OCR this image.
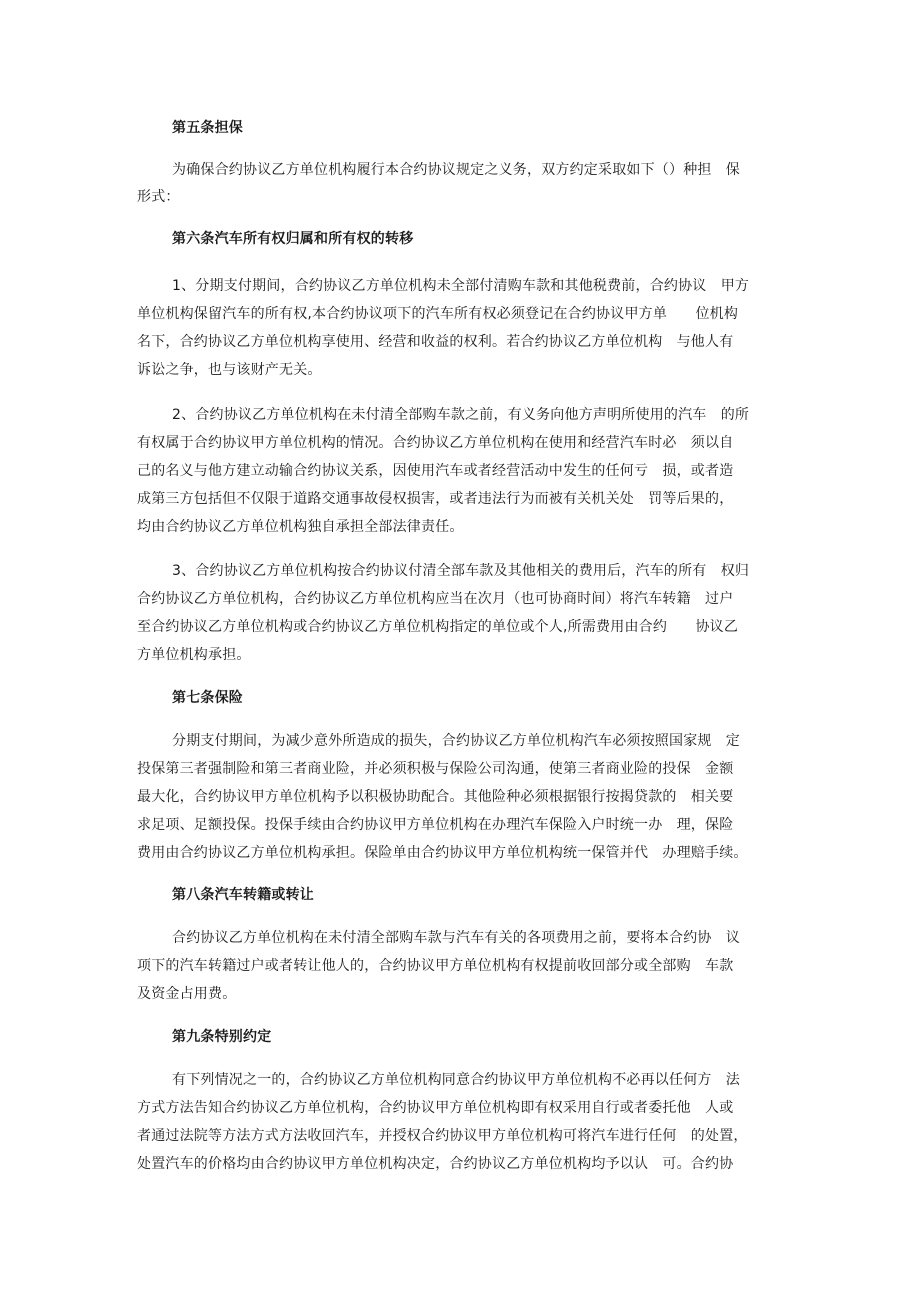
第五条担保
为确保合约协议乙方单位机构履行本合约协议规定之义务，双方约定采取如下（）种担　保
形式：
第六条汽车所有权归属和所有权的转移
1、分期支付期间，合约协议乙方单位机构未全部付清购车款和其他税费前，合约协议　甲方
单位机构保留汽车的所有权,本合约协议项下的汽车所有权必须登记在合约协议甲方单　　位机构
名下，合约协议乙方单位机构享使用、经营和收益的权利。若合约协议乙方单位机构　与他人有
诉讼之争，也与该财产无关。
2、合约协议乙方单位机构在未付清全部购车款之前，有义务向他方声明所使用的汽车　的所
有权属于合约协议甲方单位机构的情况。合约协议乙方单位机构在使用和经营汽车时必　须以自
己的名义与他方建立动输合约协议关系，因使用汽车或者经营活动中发生的任何亏　损，或者造
成第三方包括但不仅限于道路交通事故侵权损害，或者违法行为而被有关机关处　罚等后果的，
均由合约协议乙方单位机构独自承担全部法律责任。
3、合约协议乙方单位机构按合约协议付清全部车款及其他相关的费用后，汽车的所有　权归
合约协议乙方单位机构，合约协议乙方单位机构应当在次月（也可协商时间）将汽车转籍　过户
至合约协议乙方单位机构或合约协议乙方单位机构指定的单位或个人,所需费用由合约　　协议乙
方单位机构承担。
第七条保险
分期支付期间，为减少意外所造成的损失，合约协议乙方单位机构汽车必须按照国家规　定
投保第三者强制险和第三者商业险，并必须积极与保险公司沟通，使第三者商业险的投保　金额
最大化，合约协议甲方单位机构予以积极协助配合。其他险种必须根据银行按揭贷款的　相关要
求足项、足额投保。投保手续由合约协议甲方单位机构在办理汽车保险入户时统一办　理，保险
费用由合约协议乙方单位机构承担。保险单由合约协议甲方单位机构统一保管并代　办理赔手续。
第八条汽车转籍或转让
合约协议乙方单位机构在未付清全部购车款与汽车有关的各项费用之前，要将本合约协　议
项下的汽车转籍过户或者转让他人的，合约协议甲方单位机构有权提前收回部分或全部购　车款
及资金占用费。
第九条特别约定
有下列情况之一的，合约协议乙方单位机构同意合约协议甲方单位机构不必再以任何方　法
方式方法告知合约协议乙方单位机构，合约协议甲方单位机构即有权采用自行或者委托他　人或
者通过法院等方法方式方法收回汽车，并授权合约协议甲方单位机构可将汽车进行任何　的处置，
处置汽车的价格均由合约协议甲方单位机构决定，合约协议乙方单位机构均予以认　可。合约协
